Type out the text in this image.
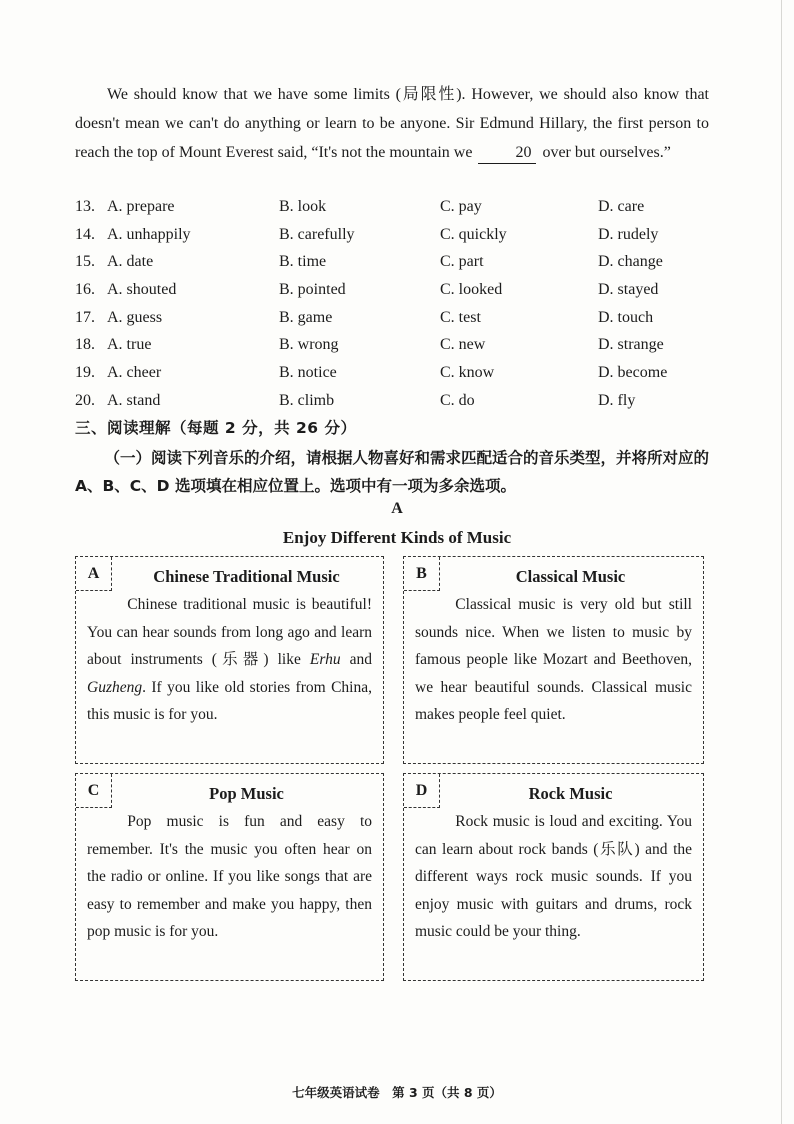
We should know that we have some limits (局限性). However, we should also know that doesn't mean we can't do anything or learn to be anyone. Sir Edmund Hillary, the first person to reach the top of Mount Everest said, “It's not the mountain we	20 over but ourselves.”

13. A. prepare	B. look	C. pay	D. care
14. A. unhappily	B. carefully	C. quickly	D. rudely
15. A. date	B. time	C. part	D. change
16. A. shouted	B. pointed	C. looked	D. stayed
17. A. guess	B. game	C. test	D. touch
18. A. true	B. wrong	C. new	D. strange
19. A. cheer	B. notice	C. know	D. become
20. A. stand	B. climb	C. do	D. fly
三、阅读理解（每题 2 分，共 26 分）

（一）阅读下列音乐的介绍，请根据人物喜好和需求匹配适合的音乐类型，并将所对应的 A、B、C、D 选项填在相应位置上。选项中有一项为多余选项。

A
Enjoy Different Kinds of Music
A	Chinese Traditional Music

Chinese traditional music is beautiful! You can hear sounds from long ago and learn about instruments (乐器) like Erhu and Guzheng. If you like old stories from China, this music is for you.

B	Classical Music

Classical music is very old but still sounds nice. When we listen to music by famous people like Mozart and Beethoven, we hear beautiful sounds. Classical music makes people feel quiet.

C	Pop Music

Pop music is fun and easy to remember. It's the music you often hear on the radio or online. If you like songs that are easy to remember and make you happy, then pop music is for you.

D	Rock Music

Rock music is loud and exciting. You can learn about rock bands (乐队) and the different ways rock music sounds. If you enjoy music with guitars and drums, rock music could be your thing.

七年级英语试卷　第 3 页（共 8 页）
